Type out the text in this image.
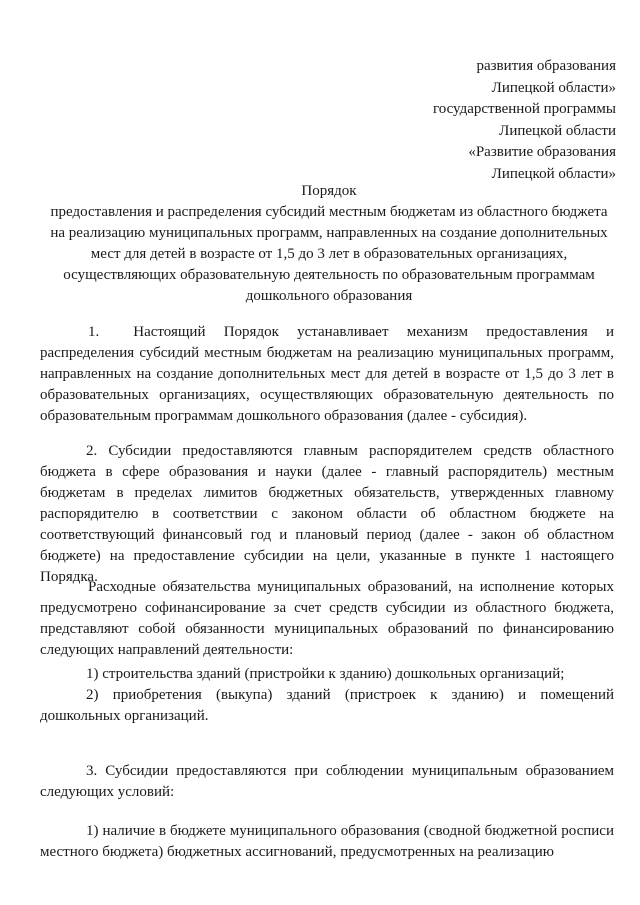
развития образования
Липецкой области»
государственной программы
Липецкой области
«Развитие образования
Липецкой области»
Порядок
предоставления и распределения субсидий местным бюджетам из областного бюджета
на реализацию муниципальных программ, направленных на создание дополнительных
мест для детей в возрасте от 1,5 до 3 лет в образовательных организациях,
осуществляющих образовательную деятельность по образовательным программам
дошкольного образования

1. Настоящий Порядок устанавливает механизм предоставления и распределения субсидий местным бюджетам на реализацию муниципальных программ, направленных на создание дополнительных мест для детей в возрасте от 1,5 до 3 лет в образовательных организациях, осуществляющих образовательную деятельность по образовательным программам дошкольного образования (далее - субсидия).

2. Субсидии предоставляются главным распорядителем средств областного бюджета в сфере образования и науки (далее - главный распорядитель) местным бюджетам в пределах лимитов бюджетных обязательств, утвержденных главному распорядителю в соответствии с законом области об областном бюджете на соответствующий финансовый год и плановый период (далее - закон об областном бюджете) на предоставление субсидии на цели, указанные в пункте 1 настоящего Порядка.

Расходные обязательства муниципальных образований, на исполнение которых предусмотрено софинансирование за счет средств субсидии из областного бюджета, представляют собой обязанности муниципальных образований по финансированию следующих направлений деятельности:

1) строительства зданий (пристройки к зданию) дошкольных организаций;

2) приобретения (выкупа) зданий (пристроек к зданию) и помещений дошкольных организаций.

3. Субсидии предоставляются при соблюдении муниципальным образованием следующих условий:

1) наличие в бюджете муниципального образования (сводной бюджетной росписи местного бюджета) бюджетных ассигнований, предусмотренных на реализацию
